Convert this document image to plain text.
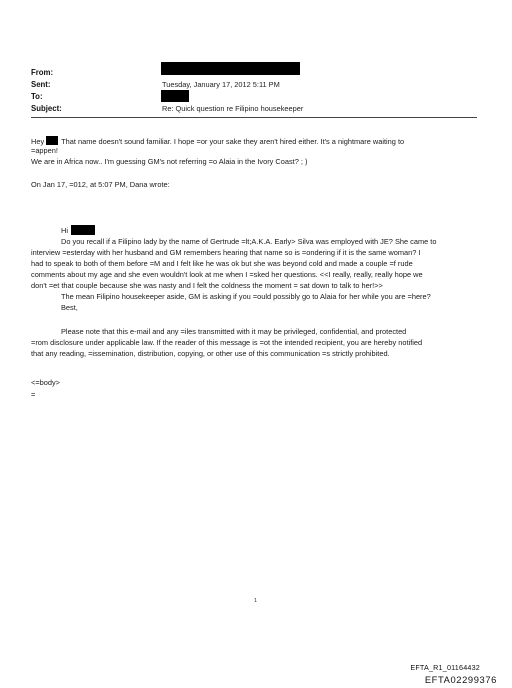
From:
Sent:
To:
Subject:
Tuesday, January 17, 2012 5:11 PM
Re: Quick question re Filipino housekeeper
Hey That name doesn't sound familiar. I hope =or your sake they aren't hired either. It's a nightmare waiting to
=appen!
We are in Africa now.. I'm guessing GM's not referring =o Alaia in the Ivory Coast? ; )
On Jan 17, =012, at 5:07 PM, Dana wrote:
Hi
Do you recall if a Filipino lady by the name of Gertrude =lt;A.K.A. Early> Silva was employed with JE? She came to
interview =esterday with her husband and GM remembers hearing that name so is =ondering if it is the same woman? I
had to speak to both of them before =M and I felt like he was ok but she was beyond cold and made a couple =f rude
comments about my age and she even wouldn't look at me when I =sked her questions. <<I really, really, really hope we
don't =et that couple because she was nasty and I felt the coldness the moment = sat down to talk to her!>>
The mean Filipino housekeeper aside, GM is asking if you =ould possibly go to Alaia for her while you are =here?
Best,
Please note that this e-mail and any =iles transmitted with it may be privileged, confidential, and protected
=rom disclosure under applicable law. If the reader of this message is =ot the intended recipient, you are hereby notified
that any reading, =issemination, distribution, copying, or other use of this communication =s strictly prohibited.
<=body>
=
1
EFTA_R1_01164432
EFTA02299376
